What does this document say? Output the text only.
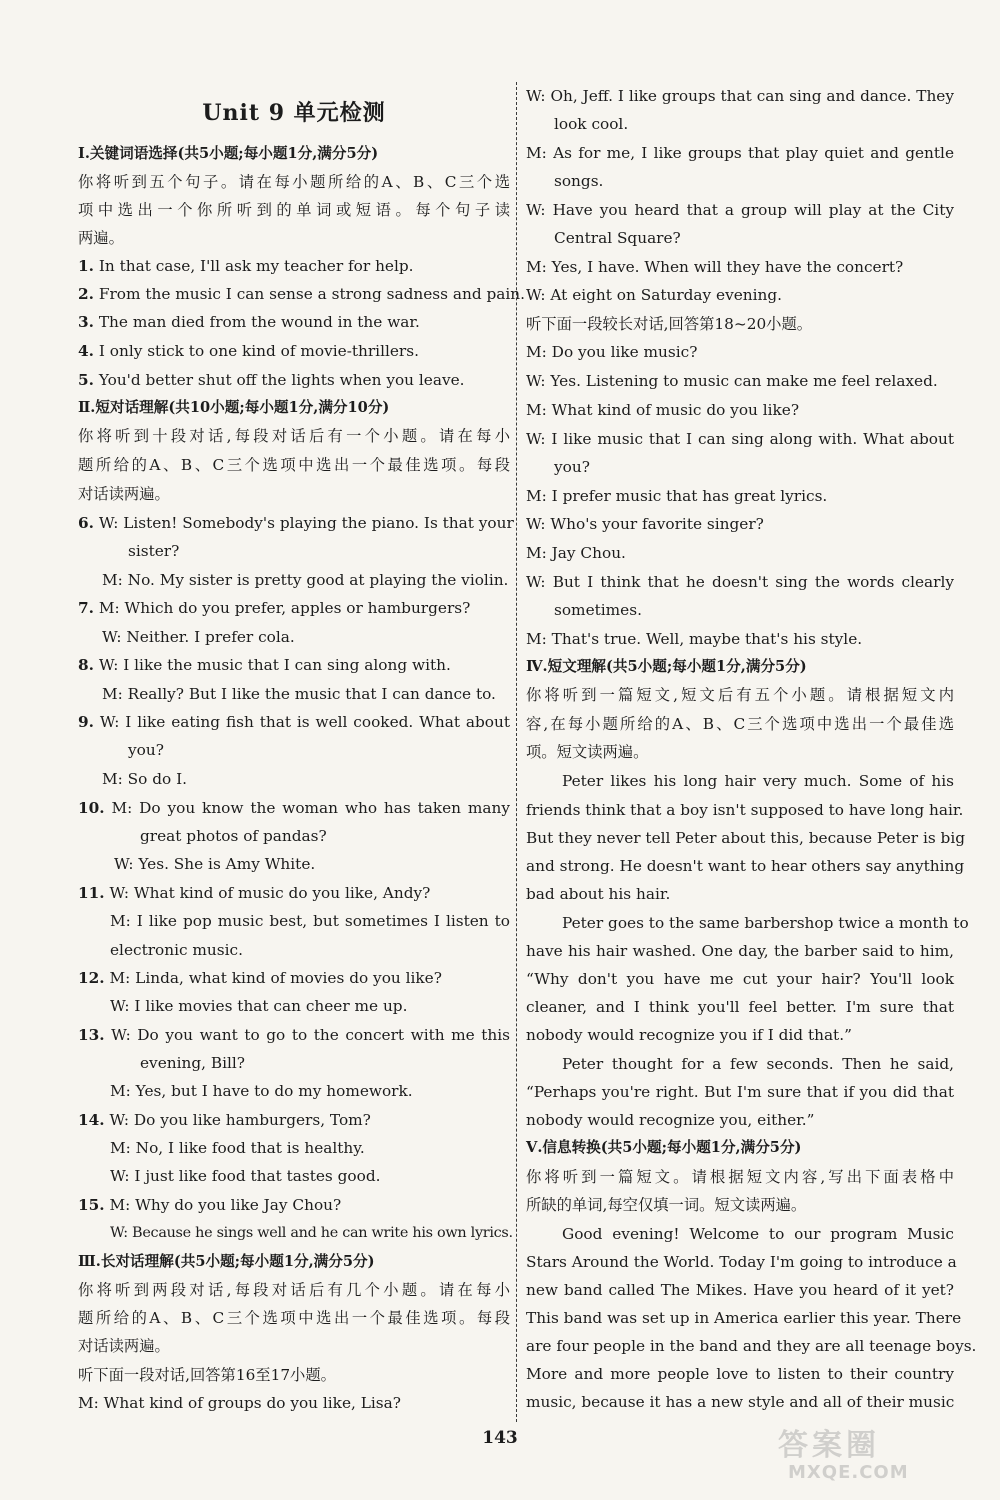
Unit 9 单元检测
Ⅰ.关键词语选择(共5小题;每小题1分,满分5分)
你将听到五个句子。请在每小题所给的A、B、C三个选
项中选出一个你所听到的单词或短语。每个句子读
两遍。
1. In that case, I'll ask my teacher for help.
2. From the music I can sense a strong sadness and pain.
3. The man died from the wound in the war.
4. I only stick to one kind of movie-thrillers.
5. You'd better shut off the lights when you leave.
Ⅱ.短对话理解(共10小题;每小题1分,满分10分)
你将听到十段对话,每段对话后有一个小题。请在每小
题所给的A、B、C三个选项中选出一个最佳选项。每段
对话读两遍。
6. W: Listen! Somebody's playing the piano. Is that your
sister?
M: No. My sister is pretty good at playing the violin.
7. M: Which do you prefer, apples or hamburgers?
W: Neither. I prefer cola.
8. W: I like the music that I can sing along with.
M: Really? But I like the music that I can dance to.
9. W: I like eating fish that is well cooked. What about
you?
M: So do I.
10. M: Do you know the woman who has taken many
great photos of pandas?
W: Yes. She is Amy White.
11. W: What kind of music do you like, Andy?
M: I like pop music best, but sometimes I listen to
electronic music.
12. M: Linda, what kind of movies do you like?
W: I like movies that can cheer me up.
13. W: Do you want to go to the concert with me this
evening, Bill?
M: Yes, but I have to do my homework.
14. W: Do you like hamburgers, Tom?
M: No, I like food that is healthy.
W: I just like food that tastes good.
15. M: Why do you like Jay Chou?
W: Because he sings well and he can write his own lyrics.
Ⅲ.长对话理解(共5小题;每小题1分,满分5分)
你将听到两段对话,每段对话后有几个小题。请在每小
题所给的A、B、C三个选项中选出一个最佳选项。每段
对话读两遍。
听下面一段对话,回答第16至17小题。
M: What kind of groups do you like, Lisa?
W: Oh, Jeff. I like groups that can sing and dance. They
look cool.
M: As for me, I like groups that play quiet and gentle
songs.
W: Have you heard that a group will play at the City
Central Square?
M: Yes, I have. When will they have the concert?
W: At eight on Saturday evening.
听下面一段较长对话,回答第18~20小题。
M: Do you like music?
W: Yes. Listening to music can make me feel relaxed.
M: What kind of music do you like?
W: I like music that I can sing along with. What about
you?
M: I prefer music that has great lyrics.
W: Who's your favorite singer?
M: Jay Chou.
W: But I think that he doesn't sing the words clearly
sometimes.
M: That's true. Well, maybe that's his style.
Ⅳ.短文理解(共5小题;每小题1分,满分5分)
你将听到一篇短文,短文后有五个小题。请根据短文内
容,在每小题所给的A、B、C三个选项中选出一个最佳选
项。短文读两遍。
Peter likes his long hair very much. Some of his
friends think that a boy isn't supposed to have long hair.
But they never tell Peter about this, because Peter is big
and strong. He doesn't want to hear others say anything
bad about his hair.
Peter goes to the same barbershop twice a month to
have his hair washed. One day, the barber said to him,
“Why don't you have me cut your hair? You'll look
cleaner, and I think you'll feel better. I'm sure that
nobody would recognize you if I did that.”
Peter thought for a few seconds. Then he said,
“Perhaps you're right. But I'm sure that if you did that
nobody would recognize you, either.”
Ⅴ.信息转换(共5小题;每小题1分,满分5分)
你将听到一篇短文。请根据短文内容,写出下面表格中
所缺的单词,每空仅填一词。短文读两遍。
Good evening! Welcome to our program Music
Stars Around the World. Today I'm going to introduce a
new band called The Mikes. Have you heard of it yet?
This band was set up in America earlier this year. There
are four people in the band and they are all teenage boys.
More and more people love to listen to their country
music, because it has a new style and all of their music
143	答案圈
MXQE.COM
